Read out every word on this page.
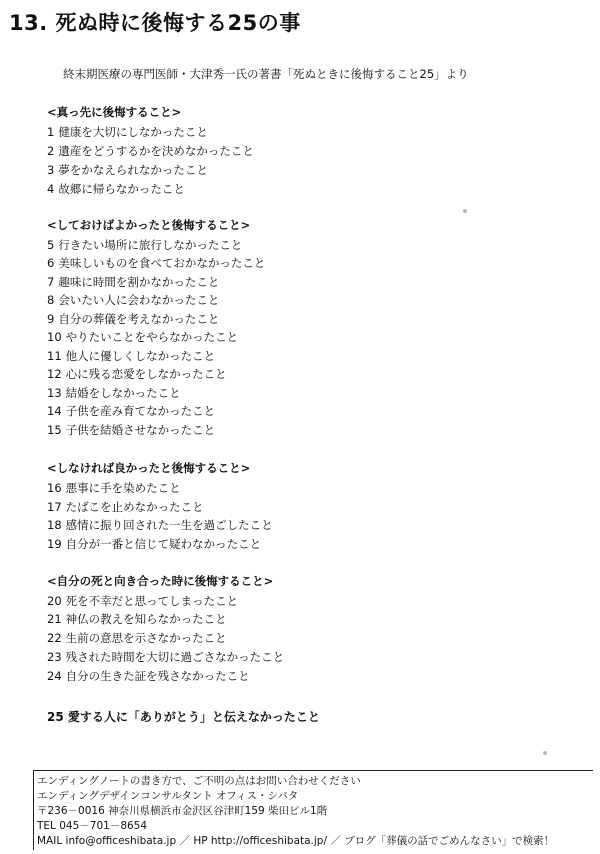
13. 死ぬ時に後悔する25の事
終末期医療の専門医師・大津秀一氏の著書「死ぬときに後悔すること25」より
<真っ先に後悔すること>
1 健康を大切にしなかったこと
2 遺産をどうするかを決めなかったこと
3 夢をかなえられなかったこと
4 故郷に帰らなかったこと
<しておけばよかったと後悔すること>
5 行きたい場所に旅行しなかったこと
6 美味しいものを食べておかなかったこと
7 趣味に時間を割かなかったこと
8 会いたい人に会わなかったこと
9 自分の葬儀を考えなかったこと
10 やりたいことをやらなかったこと
11 他人に優しくしなかったこと
12 心に残る恋愛をしなかったこと
13 結婚をしなかったこと
14 子供を産み育てなかったこと
15 子供を結婚させなかったこと
<しなければ良かったと後悔すること>
16 悪事に手を染めたこと
17 たばこを止めなかったこと
18 感情に振り回された一生を過ごしたこと
19 自分が一番と信じて疑わなかったこと
<自分の死と向き合った時に後悔すること>
20 死を不幸だと思ってしまったこと
21 神仏の教えを知らなかったこと
22 生前の意思を示さなかったこと
23 残された時間を大切に過ごさなかったこと
24 自分の生きた証を残さなかったこと
25 愛する人に「ありがとう」と伝えなかったこと
エンディングノートの書き方で、ご不明の点はお問い合わせください
エンディングデザインコンサルタント オフィス・シバタ
〒236－0016 神奈川県横浜市金沢区谷津町159 柴田ビル1階
TEL 045－701－8654
MAIL info@officeshibata.jp ／ HP http://officeshibata.jp/ ／ ブログ「葬儀の話でごめんなさい」で検索！
